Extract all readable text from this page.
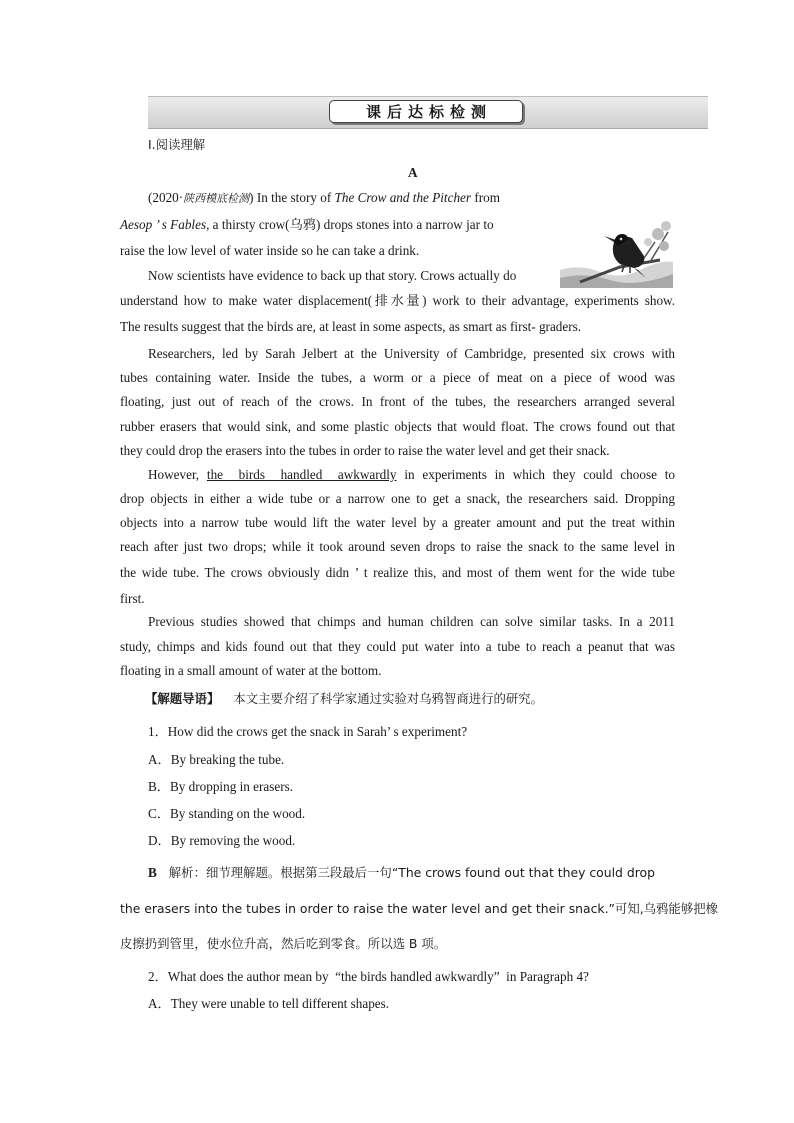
课后达标检测
Ⅰ.阅读理解
A
(2020·陕西模底检测) In the story of The Crow and the Pitcher from
Aesop ’ s Fables, a thirsty crow(乌鸦) drops stones into a narrow jar to
raise the low level of water inside so he can take a drink.
Now scientists have evidence to back up that story. Crows actually do
understand how to make water displacement(排水量) work to their advantage, experiments show.
The results suggest that the birds are, at least in some aspects, as smart as first- graders.
Researchers, led by Sarah Jelbert at the University of Cambridge, presented six crows with
tubes containing water. Inside the tubes, a worm or a piece of meat on a piece of wood was
floating, just out of reach of the crows. In front of the tubes, the researchers arranged several
rubber erasers that would sink, and some plastic objects that would float. The crows found out that
they could drop the erasers into the tubes in order to raise the water level and get their snack.
However, the  birds  handled  awkwardly in experiments in which they could choose to
drop objects in either a wide tube or a narrow one to get a snack, the researchers said. Dropping
objects into a narrow tube would lift the water level by a greater amount and put the treat within
reach after just two drops; while it took around seven drops to raise the snack to the same level in
the wide tube. The crows obviously didn ’ t realize this, and most of them went for the wide tube
first.
Previous studies showed that chimps and human children can solve similar tasks. In a 2011
study, chimps and kids found out that they could put water into a tube to reach a peanut that was
floating in a small amount of water at the bottom.
【解题导语】 本文主要介绍了科学家通过实验对乌鸦智商进行的研究。
1．How did the crows get the snack in Sarah’ s experiment?
A．By breaking the tube.
B．By dropping in erasers.
C．By standing on the wood.
D．By removing the wood.
B 解析：细节理解题。根据第三段最后一句“The crows found out that they could drop
the erasers into the tubes in order to raise the water level and get their snack.”可知,乌鸦能够把橡
皮擦扔到管里，使水位升高，然后吃到零食。所以选 B 项。
2．What does the author mean by  “the birds handled awkwardly”  in Paragraph 4?
A．They were unable to tell different shapes.
